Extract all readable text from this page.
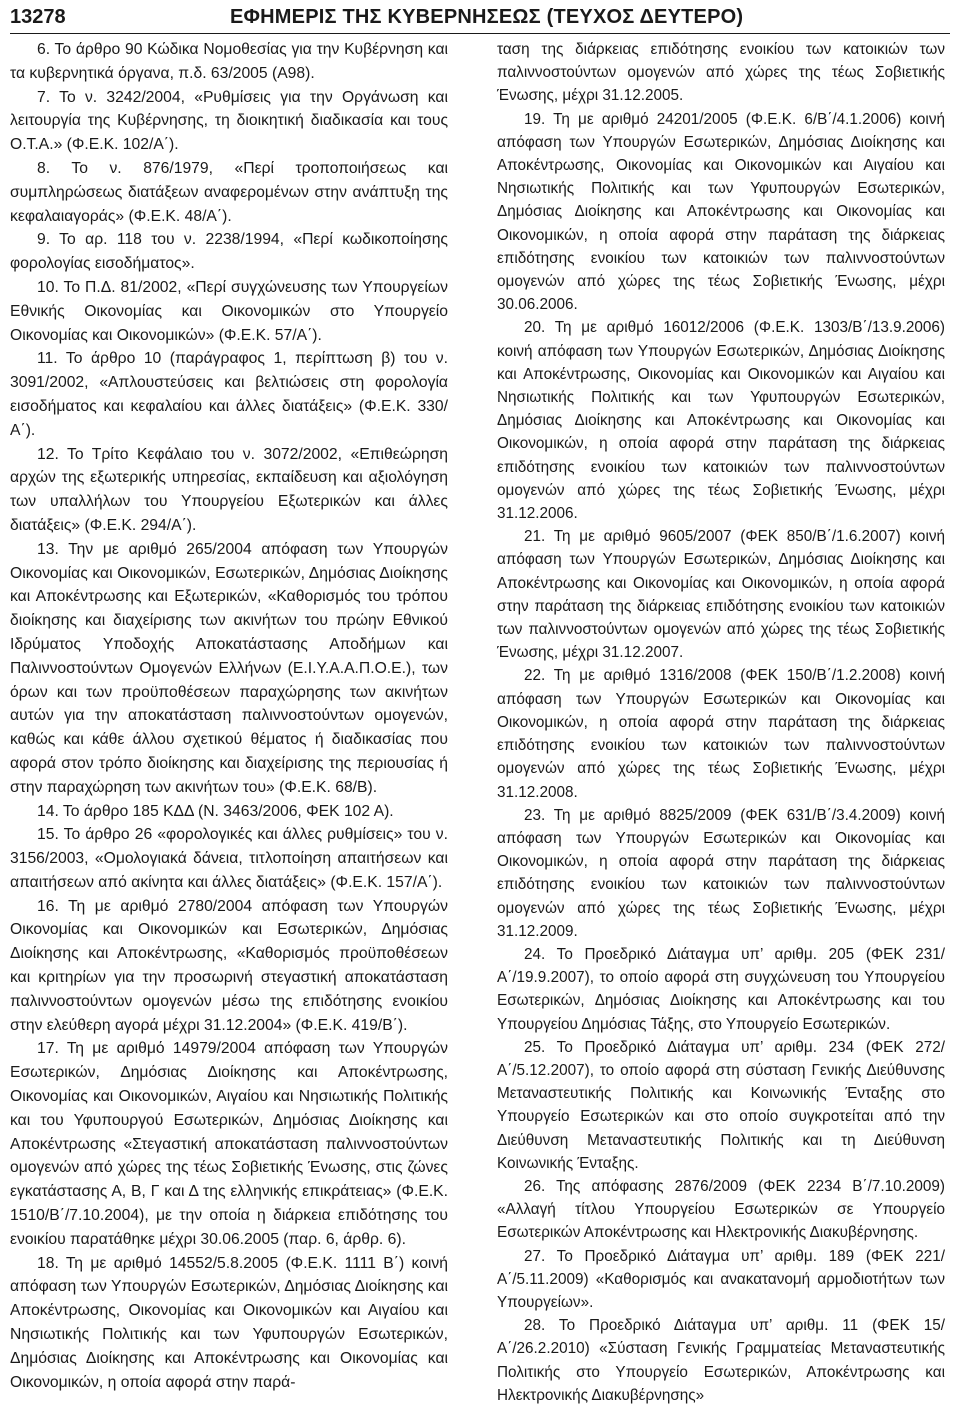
13278	ΕΦΗΜΕΡΙΣ ΤΗΣ ΚΥΒΕΡΝΗΣΕΩΣ (ΤΕΥΧΟΣ ΔΕΥΤΕΡΟ)

6. Το άρθρο 90 Κώδικα Νομοθεσίας για την Κυβέρνηση και τα κυβερνητικά όργανα, π.δ. 63/2005 (Α98).

7. Το ν. 3242/2004, «Ρυθμίσεις για την Οργάνωση και λειτουργία της Κυβέρνησης, τη διοικητική διαδικασία και τους Ο.Τ.Α.» (Φ.Ε.Κ. 102/Α΄).

8. Το ν. 876/1979, «Περί τροποποιήσεως και συμπληρώσεως διατάξεων αναφερομένων στην ανάπτυξη της κεφαλαιαγοράς» (Φ.Ε.Κ. 48/Α΄).

9. Το αρ. 118 του ν. 2238/1994, «Περί κωδικοποίησης φορολογίας εισοδήματος».

10. Το Π.Δ. 81/2002, «Περί συγχώνευσης των Υπουργείων Εθνικής Οικονομίας και Οικονομικών στο Υπουργείο Οικονομίας και Οικονομικών» (Φ.Ε.Κ. 57/Α΄).

11. Το άρθρο 10 (παράγραφος 1, περίπτωση β) του ν. 3091/2002, «Απλουστεύσεις και βελτιώσεις στη φορολογία εισοδήματος και κεφαλαίου και άλλες διατάξεις» (Φ.Ε.Κ. 330/Α΄).

12. Το Τρίτο Κεφάλαιο του ν. 3072/2002, «Επιθεώρηση αρχών της εξωτερικής υπηρεσίας, εκπαίδευση και αξιολόγηση των υπαλλήλων του Υπουργείου Εξωτερικών και άλλες διατάξεις» (Φ.Ε.Κ. 294/Α΄).

13. Την με αριθμό 265/2004 απόφαση των Υπουργών Οικονομίας και Οικονομικών, Εσωτερικών, Δημόσιας Διοίκησης και Αποκέντρωσης και Εξωτερικών, «Καθορισμός του τρόπου διοίκησης και διαχείρισης των ακινήτων του πρώην Εθνικού Ιδρύματος Υποδοχής Αποκατάστασης Αποδήμων και Παλιννοστούντων Ομογενών Ελλήνων (Ε.Ι.Υ.Α.Α.Π.Ο.Ε.), των όρων και των προϋποθέσεων παραχώρησης των ακινήτων αυτών για την αποκατάσταση παλιννοστούντων ομογενών, καθώς και κάθε άλλου σχετικού θέματος ή διαδικασίας που αφορά στον τρόπο διοίκησης και διαχείρισης της περιουσίας ή στην παραχώρηση των ακινήτων του» (Φ.Ε.Κ. 68/Β).

14. Το άρθρο 185 ΚΔΔ (Ν. 3463/2006, ΦΕΚ 102 Α).

15. Το άρθρο 26 «φορολογικές και άλλες ρυθμίσεις» του ν. 3156/2003, «Ομολογιακά δάνεια, τιτλοποίηση απαιτήσεων και απαιτήσεων από ακίνητα και άλλες διατάξεις» (Φ.Ε.Κ. 157/Α΄).

16. Τη με αριθμό 2780/2004 απόφαση των Υπουργών Οικονομίας και Οικονομικών και Εσωτερικών, Δημόσιας Διοίκησης και Αποκέντρωσης, «Καθορισμός προϋποθέσεων και κριτηρίων για την προσωρινή στεγαστική αποκατάσταση παλιννοστούντων ομογενών μέσω της επιδότησης ενοικίου στην ελεύθερη αγορά μέχρι 31.12.2004» (Φ.Ε.Κ. 419/Β΄).

17. Τη με αριθμό 14979/2004 απόφαση των Υπουργών Εσωτερικών, Δημόσιας Διοίκησης και Αποκέντρωσης, Οικονομίας και Οικονομικών, Αιγαίου και Νησιωτικής Πολιτικής και του Υφυπουργού Εσωτερικών, Δημόσιας Διοίκησης και Αποκέντρωσης «Στεγαστική αποκατάσταση παλιννοστούντων ομογενών από χώρες της τέως Σοβιετικής Ένωσης, στις ζώνες εγκατάστασης Α, Β, Γ και Δ της ελληνικής επικράτειας» (Φ.Ε.Κ. 1510/Β΄/7.10.2004), με την οποία η διάρκεια επιδότησης του ενοικίου παρατάθηκε μέχρι 30.06.2005 (παρ. 6, άρθρ. 6).

18. Τη με αριθμό 14552/5.8.2005 (Φ.Ε.Κ. 1111 Β΄) κοινή απόφαση των Υπουργών Εσωτερικών, Δημόσιας Διοίκησης και Αποκέντρωσης, Οικονομίας και Οικονομικών και Αιγαίου και Νησιωτικής Πολιτικής και των Υφυπουργών Εσωτερικών, Δημόσιας Διοίκησης και Αποκέντρωσης και Οικονομίας και Οικονομικών, η οποία αφορά στην παρά-

ταση της διάρκειας επιδότησης ενοικίου των κατοικιών των παλιννοστούντων ομογενών από χώρες της τέως Σοβιετικής Ένωσης, μέχρι 31.12.2005.

19. Τη με αριθμό 24201/2005 (Φ.Ε.Κ. 6/Β΄/4.1.2006) κοινή απόφαση των Υπουργών Εσωτερικών, Δημόσιας Διοίκησης και Αποκέντρωσης, Οικονομίας και Οικονομικών και Αιγαίου και Νησιωτικής Πολιτικής και των Υφυπουργών Εσωτερικών, Δημόσιας Διοίκησης και Αποκέντρωσης και Οικονομίας και Οικονομικών, η οποία αφορά στην παράταση της διάρκειας επιδότησης ενοικίου των κατοικιών των παλιννοστούντων ομογενών από χώρες της τέως Σοβιετικής Ένωσης, μέχρι 30.06.2006.

20. Τη με αριθμό 16012/2006 (Φ.Ε.Κ. 1303/Β΄/13.9.2006) κοινή απόφαση των Υπουργών Εσωτερικών, Δημόσιας Διοίκησης και Αποκέντρωσης, Οικονομίας και Οικονομικών και Αιγαίου και Νησιωτικής Πολιτικής και των Υφυπουργών Εσωτερικών, Δημόσιας Διοίκησης και Αποκέντρωσης και Οικονομίας και Οικονομικών, η οποία αφορά στην παράταση της διάρκειας επιδότησης ενοικίου των κατοικιών των παλιννοστούντων ομογενών από χώρες της τέως Σοβιετικής Ένωσης, μέχρι 31.12.2006.

21. Τη με αριθμό 9605/2007 (ΦΕΚ 850/Β΄/1.6.2007) κοινή απόφαση των Υπουργών Εσωτερικών, Δημόσιας Διοίκησης και Αποκέντρωσης και Οικονομίας και Οικονομικών, η οποία αφορά στην παράταση της διάρκειας επιδότησης ενοικίου των κατοικιών των παλιννοστούντων ομογενών από χώρες της τέως Σοβιετικής Ένωσης, μέχρι 31.12.2007.

22. Τη με αριθμό 1316/2008 (ΦΕΚ 150/Β΄/1.2.2008) κοινή απόφαση των Υπουργών Εσωτερικών και Οικονομίας και Οικονομικών, η οποία αφορά στην παράταση της διάρκειας επιδότησης ενοικίου των κατοικιών των παλιννοστούντων ομογενών από χώρες της τέως Σοβιετικής Ένωσης, μέχρι 31.12.2008.

23. Τη με αριθμό 8825/2009 (ΦΕΚ 631/Β΄/3.4.2009) κοινή απόφαση των Υπουργών Εσωτερικών και Οικονομίας και Οικονομικών, η οποία αφορά στην παράταση της διάρκειας επιδότησης ενοικίου των κατοικιών των παλιννοστούντων ομογενών από χώρες της τέως Σοβιετικής Ένωσης, μέχρι 31.12.2009.

24. Το Προεδρικό Διάταγμα υπ’ αριθμ. 205 (ΦΕΚ 231/Α΄/19.9.2007), το οποίο αφορά στη συγχώνευση του Υπουργείου Εσωτερικών, Δημόσιας Διοίκησης και Αποκέντρωσης και του Υπουργείου Δημόσιας Τάξης, στο Υπουργείο Εσωτερικών.

25. Το Προεδρικό Διάταγμα υπ’ αριθμ. 234 (ΦΕΚ 272/Α΄/5.12.2007), το οποίο αφορά στη σύσταση Γενικής Διεύθυνσης Μεταναστευτικής Πολιτικής και Κοινωνικής Ένταξης στο Υπουργείο Εσωτερικών και στο οποίο συγκροτείται από την Διεύθυνση Μεταναστευτικής Πολιτικής και τη Διεύθυνση Κοινωνικής Ένταξης.

26. Της απόφασης 2876/2009 (ΦΕΚ 2234 Β΄/7.10.2009) «Αλλαγή τίτλου Υπουργείου Εσωτερικών σε Υπουργείο Εσωτερικών Αποκέντρωσης και Ηλεκτρονικής Διακυβέρνησης.

27. Το Προεδρικό Διάταγμα υπ’ αριθμ. 189 (ΦΕΚ 221/Α΄/5.11.2009) «Καθορισμός και ανακατανομή αρμοδιοτήτων των Υπουργείων».

28. Το Προεδρικό Διάταγμα υπ’ αριθμ. 11 (ΦΕΚ 15/Α΄/26.2.2010) «Σύσταση Γενικής Γραμματείας Μεταναστευτικής Πολιτικής στο Υπουργείο Εσωτερικών, Αποκέντρωσης και Ηλεκτρονικής Διακυβέρνησης»
